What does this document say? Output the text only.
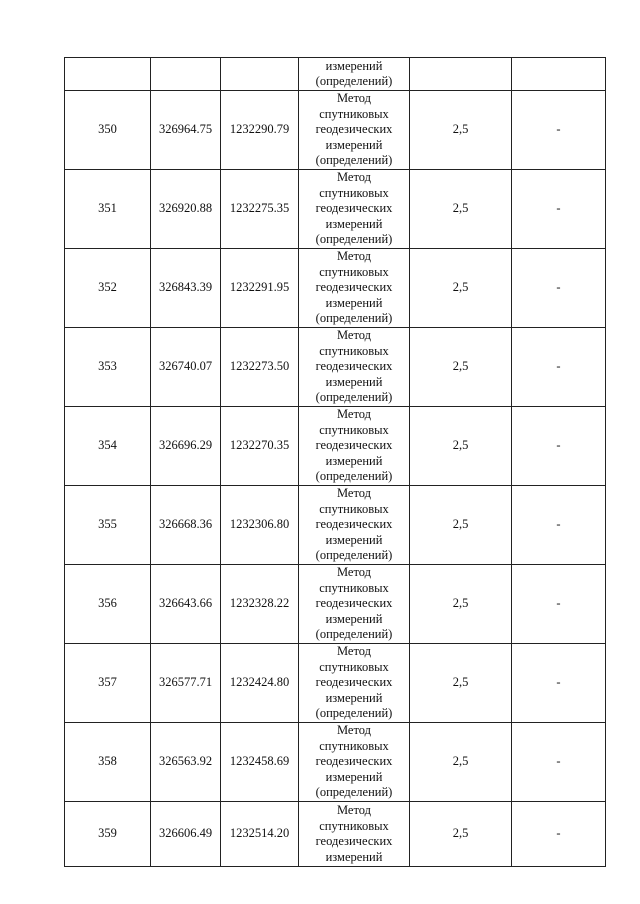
			измерений
(определений)		

350	326964.75	1232290.79	Метод
спутниковых
геодезических
измерений
(определений)	2,5	-
351	326920.88	1232275.35	Метод
спутниковых
геодезических
измерений
(определений)	2,5	-
352	326843.39	1232291.95	Метод
спутниковых
геодезических
измерений
(определений)	2,5	-
353	326740.07	1232273.50	Метод
спутниковых
геодезических
измерений
(определений)	2,5	-
354	326696.29	1232270.35	Метод
спутниковых
геодезических
измерений
(определений)	2,5	-
355	326668.36	1232306.80	Метод
спутниковых
геодезических
измерений
(определений)	2,5	-
356	326643.66	1232328.22	Метод
спутниковых
геодезических
измерений
(определений)	2,5	-
357	326577.71	1232424.80	Метод
спутниковых
геодезических
измерений
(определений)	2,5	-
358	326563.92	1232458.69	Метод
спутниковых
геодезических
измерений
(определений)	2,5	-
359	326606.49	1232514.20	Метод
спутниковых
геодезических
измерений	2,5	-
